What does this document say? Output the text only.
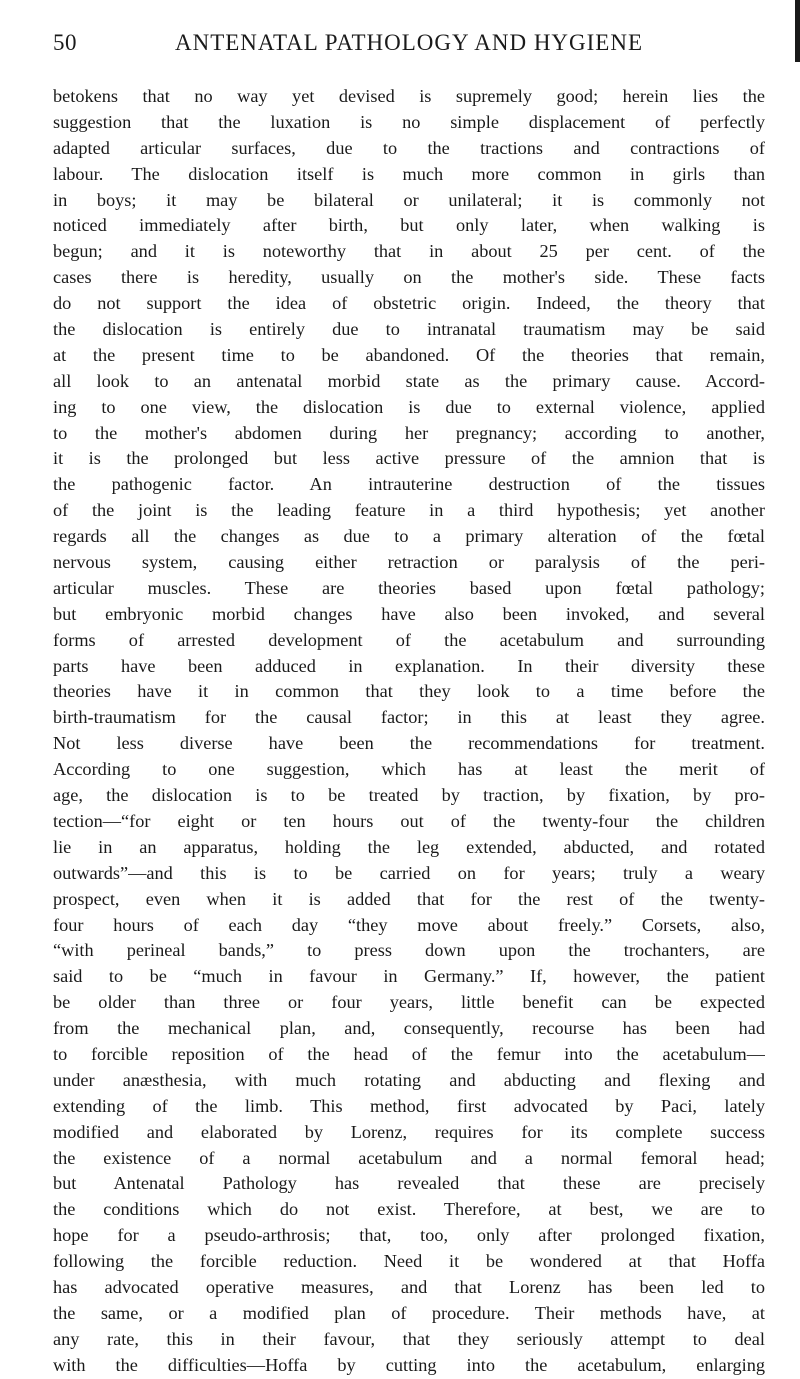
50	ANTENATAL PATHOLOGY AND HYGIENE
betokens that no way yet devised is supremely good; herein lies the
suggestion that the luxation is no simple displacement of perfectly
adapted articular surfaces, due to the tractions and contractions of
labour. The dislocation itself is much more common in girls than
in boys; it may be bilateral or unilateral; it is commonly not
noticed immediately after birth, but only later, when walking is
begun; and it is noteworthy that in about 25 per cent. of the
cases there is heredity, usually on the mother's side. These facts
do not support the idea of obstetric origin. Indeed, the theory that
the dislocation is entirely due to intranatal traumatism may be said
at the present time to be abandoned. Of the theories that remain,
all look to an antenatal morbid state as the primary cause. Accord-
ing to one view, the dislocation is due to external violence, applied
to the mother's abdomen during her pregnancy; according to another,
it is the prolonged but less active pressure of the amnion that is
the pathogenic factor. An intrauterine destruction of the tissues
of the joint is the leading feature in a third hypothesis; yet another
regards all the changes as due to a primary alteration of the fœtal
nervous system, causing either retraction or paralysis of the peri-
articular muscles. These are theories based upon fœtal pathology;
but embryonic morbid changes have also been invoked, and several
forms of arrested development of the acetabulum and surrounding
parts have been adduced in explanation. In their diversity these
theories have it in common that they look to a time before the
birth-traumatism for the causal factor; in this at least they agree.
Not less diverse have been the recommendations for treatment.
According to one suggestion, which has at least the merit of
age, the dislocation is to be treated by traction, by fixation, by pro-
tection—“for eight or ten hours out of the twenty-four the children
lie in an apparatus, holding the leg extended, abducted, and rotated
outwards”—and this is to be carried on for years; truly a weary
prospect, even when it is added that for the rest of the twenty-
four hours of each day “they move about freely.” Corsets, also,
“with perineal bands,” to press down upon the trochanters, are
said to be “much in favour in Germany.” If, however, the patient
be older than three or four years, little benefit can be expected
from the mechanical plan, and, consequently, recourse has been had
to forcible reposition of the head of the femur into the acetabulum—
under anæsthesia, with much rotating and abducting and flexing and
extending of the limb. This method, first advocated by Paci, lately
modified and elaborated by Lorenz, requires for its complete success
the existence of a normal acetabulum and a normal femoral head;
but Antenatal Pathology has revealed that these are precisely
the conditions which do not exist. Therefore, at best, we are to
hope for a pseudo-arthrosis; that, too, only after prolonged fixation,
following the forcible reduction. Need it be wondered at that Hoffa
has advocated operative measures, and that Lorenz has been led to
the same, or a modified plan of procedure. Their methods have, at
any rate, this in their favour, that they seriously attempt to deal
with the difficulties—Hoffa by cutting into the acetabulum, enlarging
